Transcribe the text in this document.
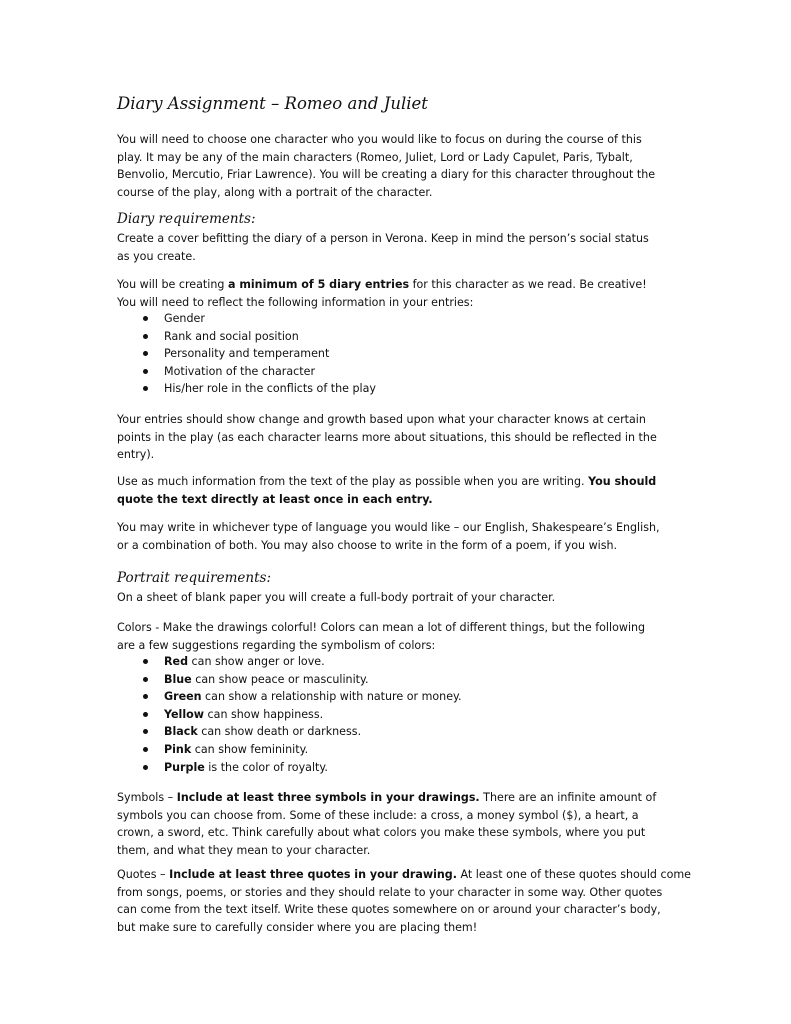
Diary Assignment – Romeo and Juliet

You will need to choose one character who you would like to focus on during the course of this
play. It may be any of the main characters (Romeo, Juliet, Lord or Lady Capulet, Paris, Tybalt,
Benvolio, Mercutio, Friar Lawrence). You will be creating a diary for this character throughout the
course of the play, along with a portrait of the character.

Diary requirements:

Create a cover befitting the diary of a person in Verona. Keep in mind the person’s social status
as you create.

You will be creating a minimum of 5 diary entries for this character as we read. Be creative!
You will need to reflect the following information in your entries:

Gender
Rank and social position
Personality and temperament
Motivation of the character
His/her role in the conflicts of the play

Your entries should show change and growth based upon what your character knows at certain
points in the play (as each character learns more about situations, this should be reflected in the
entry).

Use as much information from the text of the play as possible when you are writing. You should
quote the text directly at least once in each entry.

You may write in whichever type of language you would like – our English, Shakespeare’s English,
or a combination of both. You may also choose to write in the form of a poem, if you wish.

Portrait requirements:

On a sheet of blank paper you will create a full-body portrait of your character.

Colors - Make the drawings colorful! Colors can mean a lot of different things, but the following
are a few suggestions regarding the symbolism of colors:

Red can show anger or love.
Blue can show peace or masculinity.
Green can show a relationship with nature or money.
Yellow can show happiness.
Black can show death or darkness.
Pink can show femininity.
Purple is the color of royalty.

Symbols – Include at least three symbols in your drawings. There are an infinite amount of
symbols you can choose from. Some of these include: a cross, a money symbol ($), a heart, a
crown, a sword, etc. Think carefully about what colors you make these symbols, where you put
them, and what they mean to your character.

Quotes – Include at least three quotes in your drawing. At least one of these quotes should come
from songs, poems, or stories and they should relate to your character in some way. Other quotes
can come from the text itself. Write these quotes somewhere on or around your character’s body,
but make sure to carefully consider where you are placing them!
